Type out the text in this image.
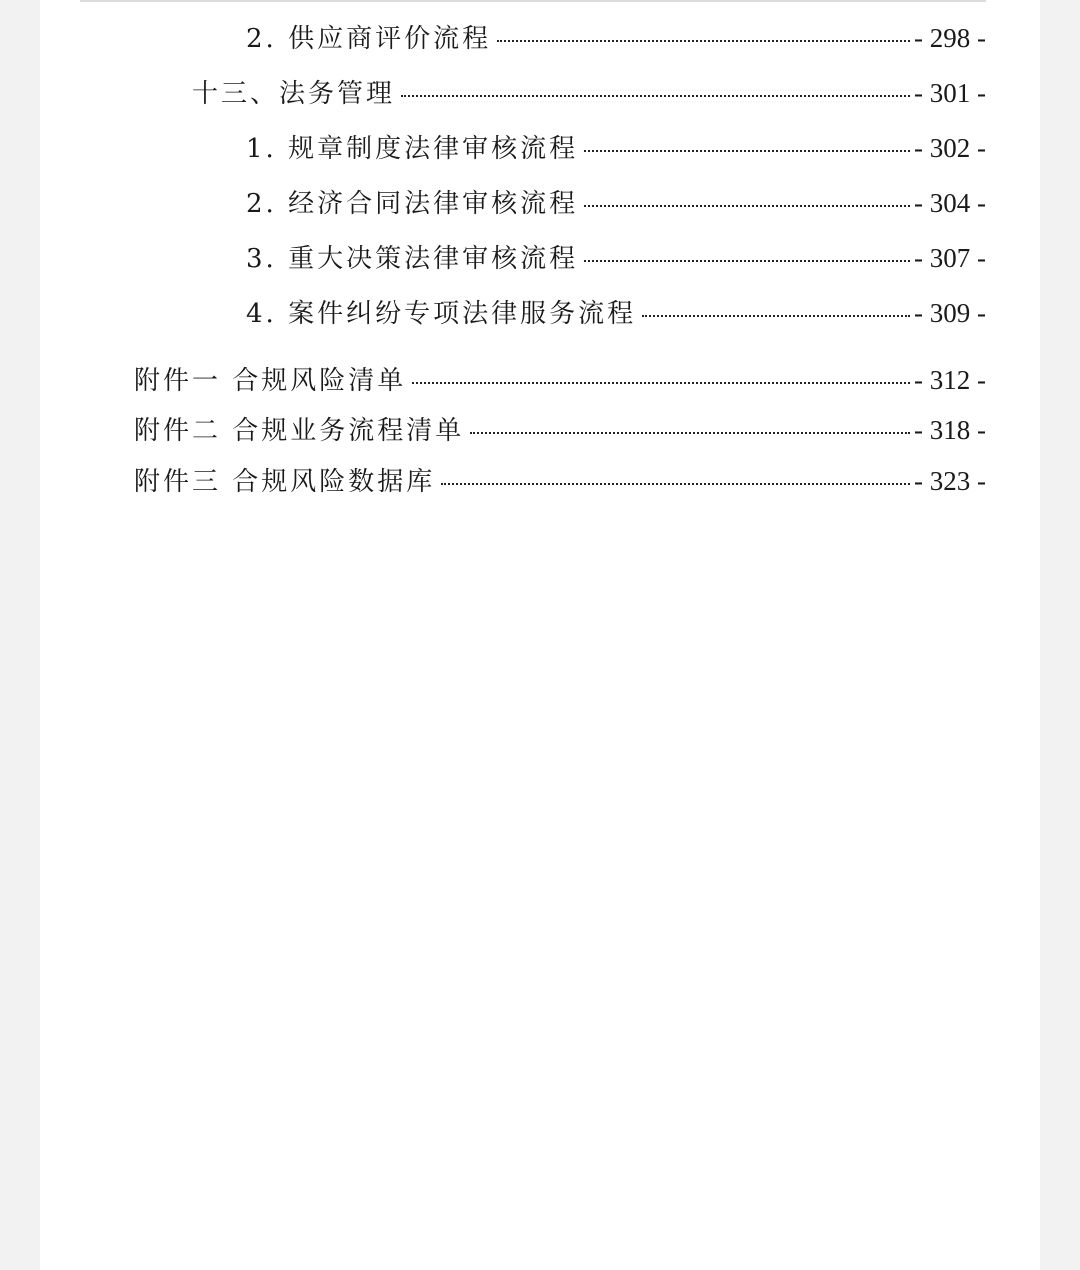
2. 供应商评价流程	- 298 -
十三、法务管理	- 301 -
1. 规章制度法律审核流程	- 302 -
2. 经济合同法律审核流程	- 304 -
3. 重大决策法律审核流程	- 307 -
4. 案件纠纷专项法律服务流程	- 309 -
附件一 合规风险清单	- 312 -
附件二 合规业务流程清单	- 318 -
附件三 合规风险数据库	- 323 -
